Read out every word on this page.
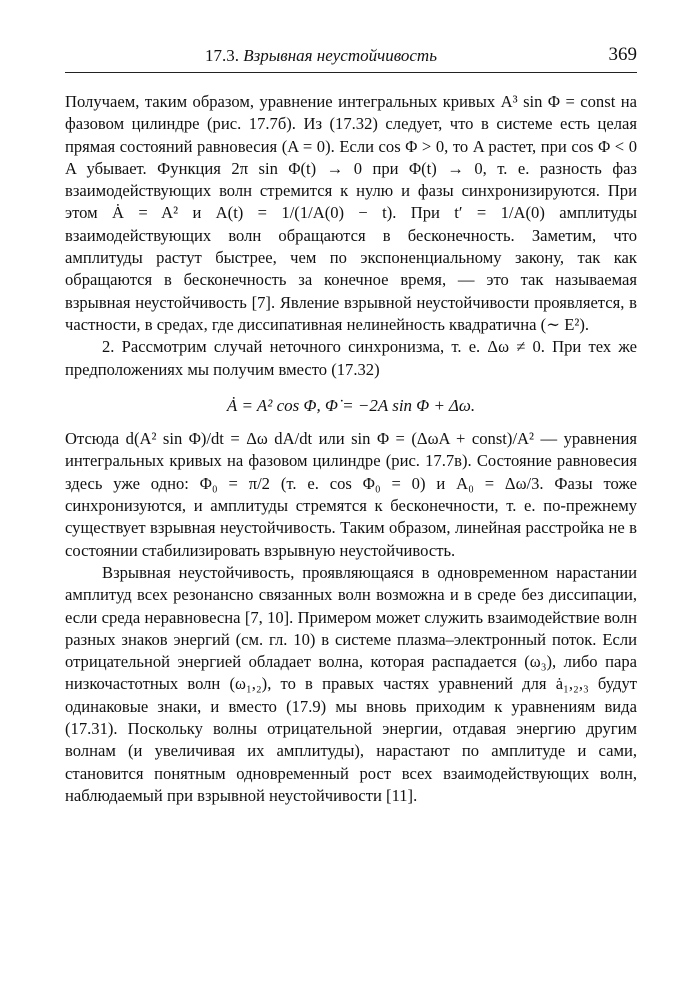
17.3. Взрывная неустойчивость	369

Получаем, таким образом, уравнение интегральных кривых A³ sin Φ = const на фазовом цилиндре (рис. 17.7б). Из (17.32) следует, что в системе есть целая прямая состояний равновесия (A = 0). Если cos Φ > 0, то A растет, при cos Φ < 0 A убывает. Функция 2π sin Φ(t) → 0 при Φ(t) → 0, т. е. разность фаз взаимодействующих волн стремится к нулю и фазы синхронизируются. При этом Ȧ = A² и A(t) = 1/(1/A(0) − t). При t′ = 1/A(0) амплитуды взаимодействующих волн обращаются в бесконечность. Заметим, что амплитуды растут быстрее, чем по экспоненциальному закону, так как обращаются в бесконечность за конечное время, — это так называемая взрывная неустойчивость [7]. Явление взрывной неустойчивости проявляется, в частности, в средах, где диссипативная нелинейность квадратична (∼ E²).

2. Рассмотрим случай неточного синхронизма, т. е. Δω ≠ 0. При тех же предположениях мы получим вместо (17.32)

Ȧ = A² cos Φ, Φ̇ = −2A sin Φ + Δω.

Отсюда d(A² sin Φ)/dt = Δω dA/dt или sin Φ = (ΔωA + const)/A² — уравнения интегральных кривых на фазовом цилиндре (рис. 17.7в). Состояние равновесия здесь уже одно: Φ₀ = π/2 (т. е. cos Φ₀ = 0) и A₀ = Δω/3. Фазы тоже синхронизуются, и амплитуды стремятся к бесконечности, т. е. по-прежнему существует взрывная неустойчивость. Таким образом, линейная расстройка не в состоянии стабилизировать взрывную неустойчивость.

Взрывная неустойчивость, проявляющаяся в одновременном нарастании амплитуд всех резонансно связанных волн возможна и в среде без диссипации, если среда неравновесна [7, 10]. Примером может служить взаимодействие волн разных знаков энергий (см. гл. 10) в системе плазма–электронный поток. Если отрицательной энергией обладает волна, которая распадается (ω₃), либо пара низкочастотных волн (ω₁,₂), то в правых частях уравнений для ȧ₁,₂,₃ будут одинаковые знаки, и вместо (17.9) мы вновь приходим к уравнениям вида (17.31). Поскольку волны отрицательной энергии, отдавая энергию другим волнам (и увеличивая их амплитуды), нарастают по амплитуде и сами, становится понятным одновременный рост всех взаимодействующих волн, наблюдаемый при взрывной неустойчивости [11].
